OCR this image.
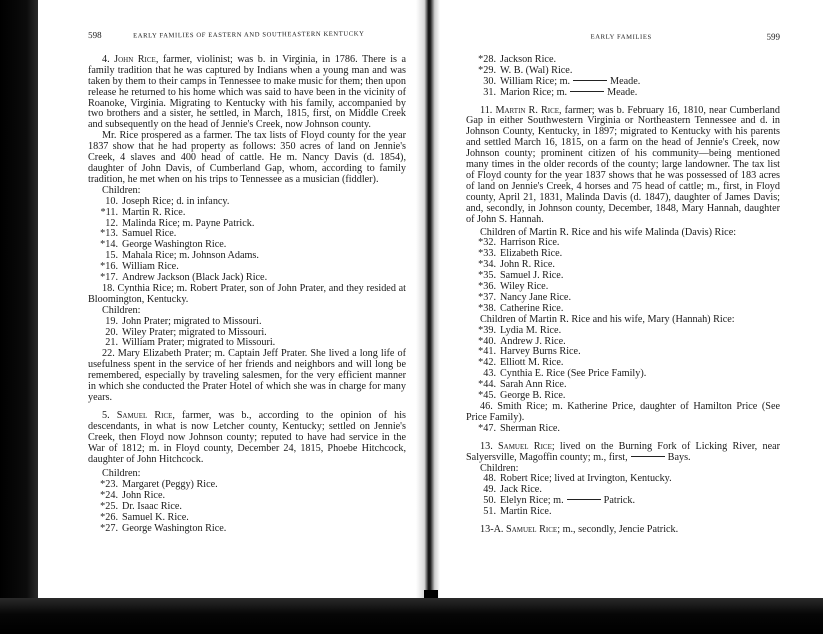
598	EARLY FAMILIES OF EASTERN AND SOUTHEASTERN KENTUCKY

4. John Rice, farmer, violinist; was b. in Virginia, in 1786. There is a family tradition that he was captured by Indians when a young man and was taken by them to their camps in Tennessee to make music for them; then upon release he returned to his home which was said to have been in the vicinity of Roanoke, Virginia. Migrating to Kentucky with his family, accompanied by two brothers and a sister, he settled, in March, 1815, first, on Middle Creek and subsequently on the head of Jennie's Creek, now Johnson county.

Mr. Rice prospered as a farmer. The tax lists of Floyd county for the year 1837 show that he had property as follows: 350 acres of land on Jennie's Creek, 4 slaves and 400 head of cattle. He m. Nancy Davis (d. 1854), daughter of John Davis, of Cumberland Gap, whom, according to family tradition, he met when on his trips to Tennessee as a musician (fiddler).

Children:
10. Joseph Rice; d. in infancy.
*11. Martin R. Rice.
12. Malinda Rice; m. Payne Patrick.
*13. Samuel Rice.
*14. George Washington Rice.
15. Mahala Rice; m. Johnson Adams.
*16. William Rice.
*17. Andrew Jackson (Black Jack) Rice.

18. Cynthia Rice; m. Robert Prater, son of John Prater, and they resided at Bloomington, Kentucky.

Children:
19. John Prater; migrated to Missouri.
20. Wiley Prater; migrated to Missouri.
21. William Prater; migrated to Missouri.

22. Mary Elizabeth Prater; m. Captain Jeff Prater. She lived a long life of usefulness spent in the service of her friends and neighbors and will long be remembered, especially by traveling salesmen, for the very efficient manner in which she conducted the Prater Hotel of which she was in charge for many years.

5. Samuel Rice, farmer, was b., according to the opinion of his descendants, in what is now Letcher county, Kentucky; settled on Jennie's Creek, then Floyd now Johnson county; reputed to have had service in the War of 1812; m. in Floyd county, December 24, 1815, Phoebe Hitchcock, daughter of John Hitchcock.

Children:
*23. Margaret (Peggy) Rice.
*24. John Rice.
*25. Dr. Isaac Rice.
*26. Samuel K. Rice.
*27. George Washington Rice.
EARLY FAMILIES	599
*28. Jackson Rice.
*29. W. B. (Wal) Rice.
30. William Rice; m.	Meade.
31. Marion Rice; m.	Meade.

11. Martin R. Rice, farmer; was b. February 16, 1810, near Cumberland Gap in either Southwestern Virginia or Northeastern Tennessee and d. in Johnson County, Kentucky, in 1897; migrated to Kentucky with his parents and settled March 16, 1815, on a farm on the head of Jennie's Creek, now Johnson county; prominent citizen of his community—being mentioned many times in the older records of the county; large landowner. The tax list of Floyd county for the year 1837 shows that he was possessed of 183 acres of land on Jennie's Creek, 4 horses and 75 head of cattle; m., first, in Floyd county, April 21, 1831, Malinda Davis (d. 1847), daughter of James Davis; and, secondly, in Johnson county, December, 1848, Mary Hannah, daughter of John S. Hannah.

Children of Martin R. Rice and his wife Malinda (Davis) Rice:

*32. Harrison Rice.
*33. Elizabeth Rice.
*34. John R. Rice.
*35. Samuel J. Rice.
*36. Wiley Rice.
*37. Nancy Jane Rice.
*38. Catherine Rice.

Children of Martin R. Rice and his wife, Mary (Hannah) Rice:

*39. Lydia M. Rice.
*40. Andrew J. Rice.
*41. Harvey Burns Rice.
*42. Elliott M. Rice.
43. Cynthia E. Rice (See Price Family).
*44. Sarah Ann Rice.
*45. George B. Rice.

46. Smith Rice; m. Katherine Price, daughter of Hamilton Price (See Price Family).

*47. Sherman Rice.

13. Samuel Rice; lived on the Burning Fork of Licking River, near Salyersville, Magoffin county; m., first,	Bays.

Children:
48. Robert Rice; lived at Irvington, Kentucky.
49. Jack Rice.
50. Elelyn Rice; m.	Patrick.
51. Martin Rice.

13-A. Samuel Rice; m., secondly, Jencie Patrick.
